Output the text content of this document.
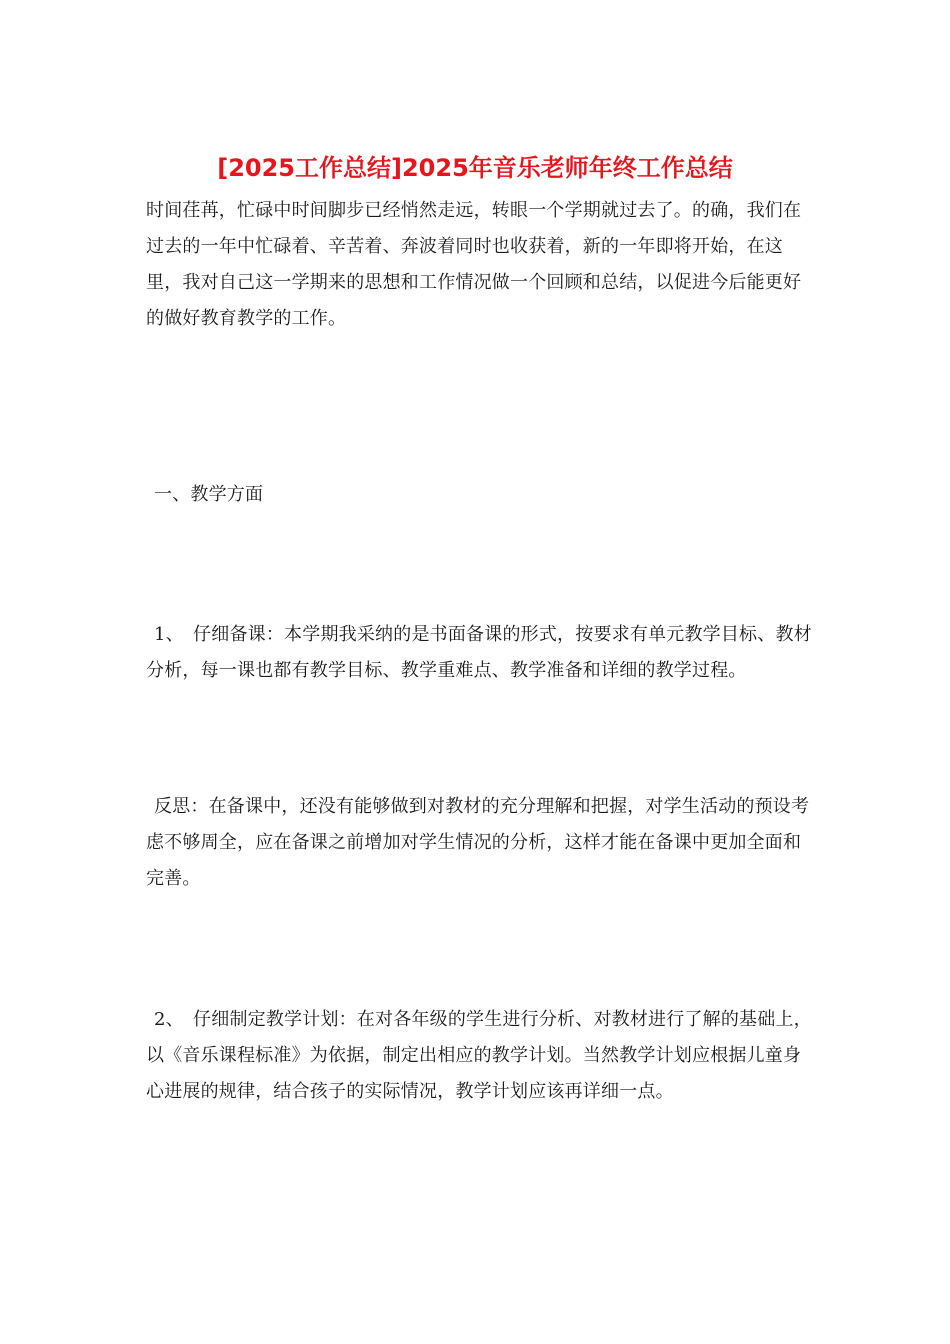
[2025工作总结]2025年音乐老师年终工作总结

时间荏苒，忙碌中时间脚步已经悄然走远，转眼一个学期就过去了。的确，我们在过去的一年中忙碌着、辛苦着、奔波着同时也收获着，新的一年即将开始，在这里，我对自己这一学期来的思想和工作情况做一个回顾和总结，以促进今后能更好的做好教育教学的工作。

一、教学方面

1、　仔细备课：本学期我采纳的是书面备课的形式，按要求有单元教学目标、教材分析，每一课也都有教学目标、教学重难点、教学准备和详细的教学过程。

反思：在备课中，还没有能够做到对教材的充分理解和把握，对学生活动的预设考虑不够周全，应在备课之前增加对学生情况的分析，这样才能在备课中更加全面和完善。

2、　仔细制定教学计划：在对各年级的学生进行分析、对教材进行了解的基础上，以《音乐课程标准》为依据，制定出相应的教学计划。当然教学计划应根据儿童身心进展的规律，结合孩子的实际情况，教学计划应该再详细一点。
